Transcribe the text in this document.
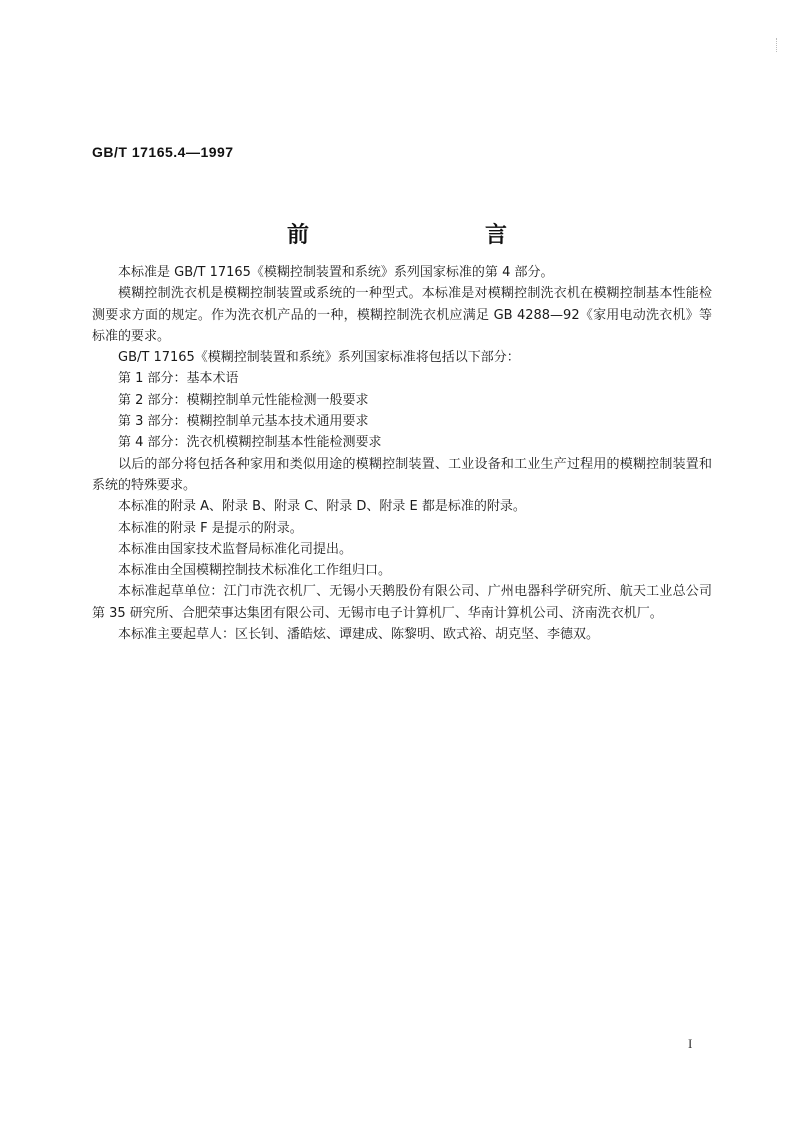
GB/T 17165.4—1997
前　　言

本标准是 GB/T 17165《模糊控制装置和系统》系列国家标准的第 4 部分。

模糊控制洗衣机是模糊控制装置或系统的一种型式。本标准是对模糊控制洗衣机在模糊控制基本性能检测要求方面的规定。作为洗衣机产品的一种，模糊控制洗衣机应满足 GB 4288—92《家用电动洗衣机》等标准的要求。

GB/T 17165《模糊控制装置和系统》系列国家标准将包括以下部分：

第 1 部分：基本术语

第 2 部分：模糊控制单元性能检测一般要求

第 3 部分：模糊控制单元基本技术通用要求

第 4 部分：洗衣机模糊控制基本性能检测要求

以后的部分将包括各种家用和类似用途的模糊控制装置、工业设备和工业生产过程用的模糊控制装置和系统的特殊要求。

本标准的附录 A、附录 B、附录 C、附录 D、附录 E 都是标准的附录。

本标准的附录 F 是提示的附录。

本标准由国家技术监督局标准化司提出。

本标准由全国模糊控制技术标准化工作组归口。

本标准起草单位：江门市洗衣机厂、无锡小天鹅股份有限公司、广州电器科学研究所、航天工业总公司第 35 研究所、合肥荣事达集团有限公司、无锡市电子计算机厂、华南计算机公司、济南洗衣机厂。

本标准主要起草人：区长钊、潘皓炫、谭建成、陈黎明、欧式裕、胡克坚、李德双。

I
